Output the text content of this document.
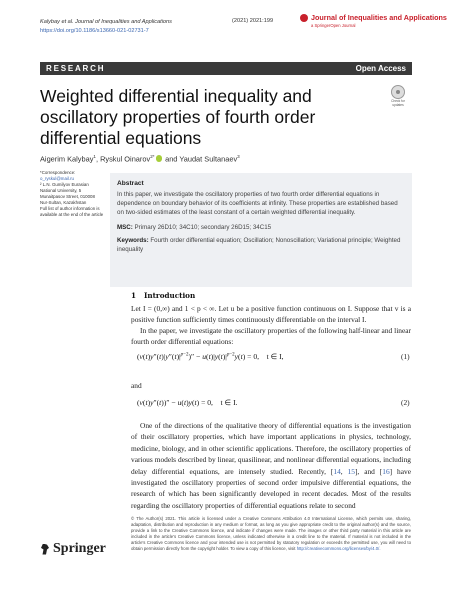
Kalybay et al. Journal of Inequalities and Applications
https://doi.org/10.1186/s13660-021-02731-7
(2021) 2021:199	Journal of Inequalities and Applications
a SpringerOpen Journal
RESEARCH	Open Access
Weighted differential inequality and oscillatory properties of fourth order differential equations
Check for updates
Aigerim Kalybay$^1$, Ryskul Oinarov$^{2*}$ and Yaudat Sultanaev$^3$
*Correspondence: o_ryskul@mail.ru
² L.N. Gumilyov Eurasian National University, 5 Munaitpasov Street, 010008 Nur-Sultan, Kazakhstan
Full list of author information is available at the end of the article
Abstract
In this paper, we investigate the oscillatory properties of two fourth order differential equations in dependence on boundary behavior of its coefficients at infinity. These properties are established based on two-sided estimates of the least constant of a certain weighted differential inequality.
MSC: Primary 26D10; 34C10; secondary 26D15; 34C15
Keywords: Fourth order differential equation; Oscillation; Nonoscillation; Variational principle; Weighted inequality
1 Introduction

Let I = (0,∞) and 1 < p < ∞. Let u be a positive function continuous on I. Suppose that v is a positive function sufficiently times continuously differentiable on the interval I.

In the paper, we investigate the oscillatory properties of the following half-linear and linear fourth order differential equations:

$(v(t)y''(t)|y''(t)|^{p-2})'' - u(t)|y(t)|^{p-2}y(t) = 0$, t ∈ I,	(1)

and

(v(t)y″(t))″ − u(t)y(t) = 0, t ∈ I.	(2)

One of the directions of the qualitative theory of differential equations is the investigation of their oscillatory properties, which have important applications in physics, technology, medicine, biology, and in other scientific applications. Therefore, the oscillatory properties of various models described by linear, quasilinear, and nonlinear differential equations, including delay differential equations, are intensely studied. Recently, [14, 15], and [16] have investigated the oscillatory properties of second order impulsive differential equations, the research of which has been significantly developed in recent decades. Most of the results regarding the oscillatory properties of differential equations relate to second

Springer
© The Author(s) 2021. This article is licensed under a Creative Commons Attribution 4.0 International License, which permits use, sharing, adaptation, distribution and reproduction in any medium or format, as long as you give appropriate credit to the original author(s) and the source, provide a link to the Creative Commons licence, and indicate if changes were made. The images or other third party material in this article are included in the article's Creative Commons licence, unless indicated otherwise in a credit line to the material. If material is not included in the article's Creative Commons licence and your intended use is not permitted by statutory regulation or exceeds the permitted use, you will need to obtain permission directly from the copyright holder. To view a copy of this licence, visit http://creativecommons.org/licenses/by/4.0/.
